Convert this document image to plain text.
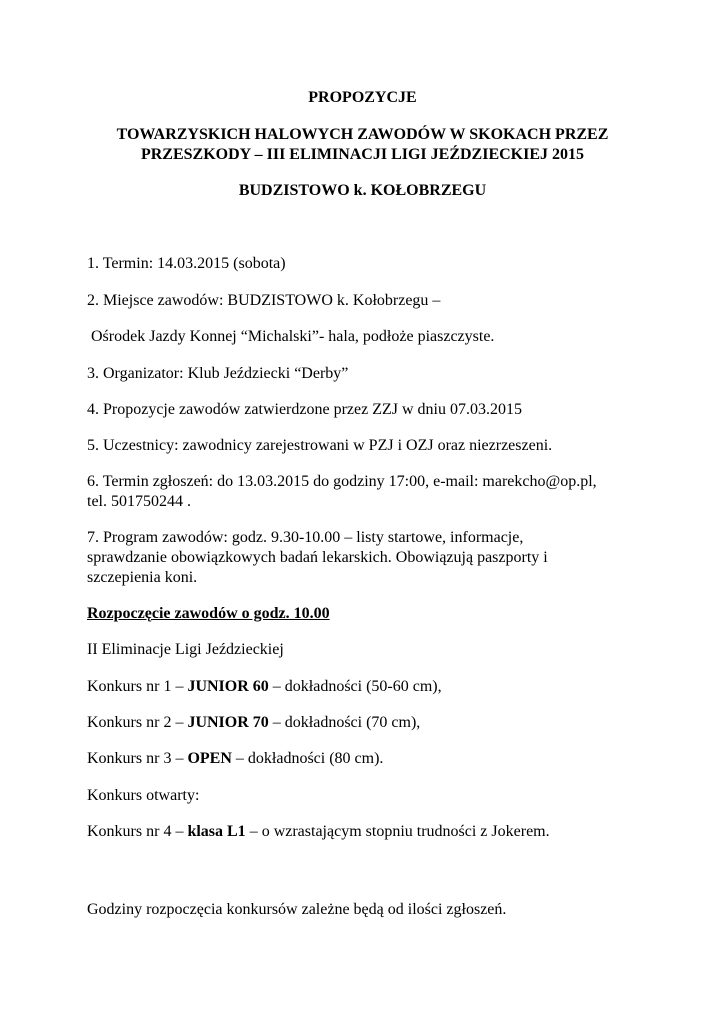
PROPOZYCJE
TOWARZYSKICH HALOWYCH ZAWODÓW W SKOKACH PRZEZ
PRZESZKODY – III ELIMINACJI LIGI JEŹDZIECKIEJ 2015
BUDZISTOWO k. KOŁOBRZEGU
1. Termin: 14.03.2015 (sobota)
2. Miejsce zawodów: BUDZISTOWO k. Kołobrzegu –
Ośrodek Jazdy Konnej “Michalski”- hala, podłoże piaszczyste.
3. Organizator: Klub Jeździecki “Derby”
4. Propozycje zawodów zatwierdzone przez ZZJ w dniu 07.03.2015
5. Uczestnicy: zawodnicy zarejestrowani w PZJ i OZJ oraz niezrzeszeni.
6. Termin zgłoszeń: do 13.03.2015 do godziny 17:00, e-mail: marekcho@op.pl,
tel. 501750244 .
7. Program zawodów: godz. 9.30-10.00 – listy startowe, informacje,
sprawdzanie obowiązkowych badań lekarskich. Obowiązują paszporty i
szczepienia koni.
Rozpoczęcie zawodów o godz. 10.00
II Eliminacje Ligi Jeździeckiej
Konkurs nr 1 – JUNIOR 60 – dokładności (50-60 cm),
Konkurs nr 2 – JUNIOR 70 – dokładności (70 cm),
Konkurs nr 3 – OPEN – dokładności (80 cm).
Konkurs otwarty:
Konkurs nr 4 – klasa L1 – o wzrastającym stopniu trudności z Jokerem.
Godziny rozpoczęcia konkursów zależne będą od ilości zgłoszeń.
